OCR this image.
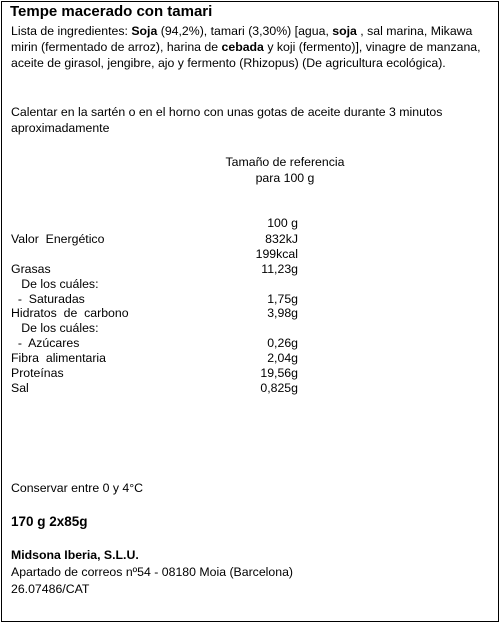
Tempe macerado con tamari
Lista de ingredientes: Soja (94,2%), tamari (3,30%) [agua, soja , sal marina, Mikawa mirin (fermentado de arroz), harina de cebada y koji (fermento)], vinagre de manzana, aceite de girasol, jengibre, ajo y fermento (Rhizopus) (De agricultura ecológica).
Calentar en la sartén o en el horno con unas gotas de aceite durante 3 minutos aproximadamente
Tamaño de referencia
para 100 g
100 g
Valor  Energético	832kJ
199kcal
Grasas	11,23g
De los cuáles:
-  Saturadas	1,75g
Hidratos  de  carbono	3,98g
De los cuáles:
-  Azúcares	0,26g
Fibra  alimentaria	2,04g
Proteínas	19,56g
Sal	0,825g
Conservar entre 0 y 4°C
170 g 2x85g
Midsona Iberia, S.L.U.
Apartado de correos nº54 - 08180 Moia (Barcelona)
26.07486/CAT
